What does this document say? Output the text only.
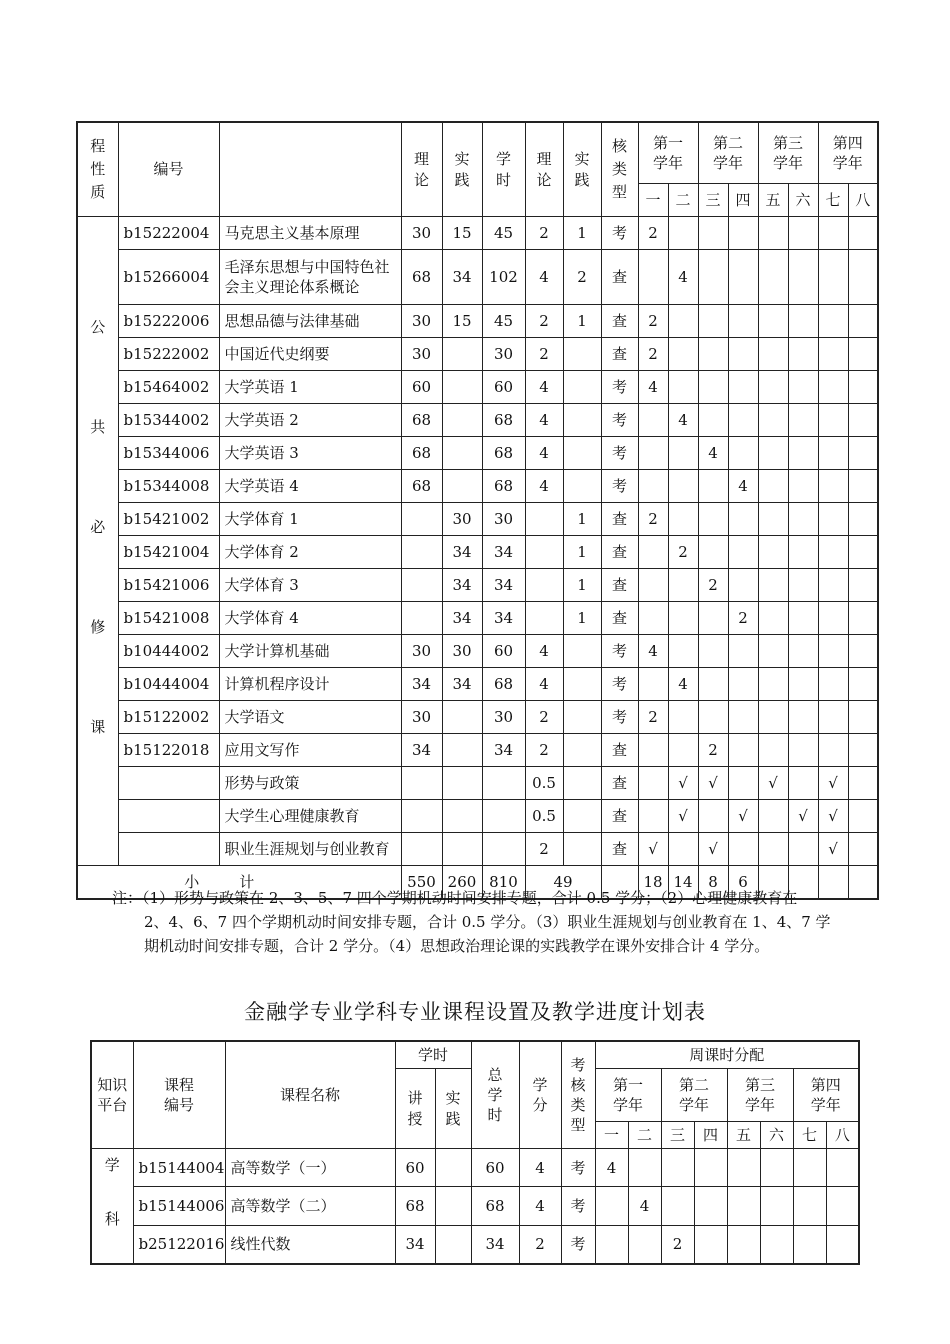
程性质	编号		理论	实践	学时	理论	实践	核类型	第一学年		第二学年		第三学年		第四学年	
									一	二	三	四	五	六	七	八

公
共
必
修
课	b15222004	马克思主义基本原理	30	15	45	2	1	考	2							
	b15266004	毛泽东思想与中国特色社会主义理论体系概论	68	34	102	4	2	查		4						
	b15222006	思想品德与法律基础	30	15	45	2	1	查	2							
	b15222002	中国近代史纲要	30		30	2		查	2							
	b15464002	大学英语 1	60		60	4		考	4							
	b15344002	大学英语 2	68		68	4		考		4						
	b15344006	大学英语 3	68		68	4		考			4					
	b15344008	大学英语 4	68		68	4		考				4				
	b15421002	大学体育 1		30	30		1	查	2							
	b15421004	大学体育 2		34	34		1	查		2						
	b15421006	大学体育 3		34	34		1	查			2					
	b15421008	大学体育 4		34	34		1	查				2				
	b10444002	大学计算机基础	30	30	60	4		考	4							
	b10444004	计算机程序设计	34	34	68	4		考		4						
	b15122002	大学语文	30		30	2		考	2							
	b15122018	应用文写作	34		34	2		查			2					
		形势与政策				0.5		查		√	√		√		√	
		大学生心理健康教育				0.5		查		√		√		√	√	
		职业生涯规划与创业教育				2		查	√		√				√	
小计			550	260	810	49			18	14	8	6				
注：（1）形势与政策在 2、3、5、7 四个学期机动时间安排专题，合计 0.5 学分；（2）心理健康教育在
2、4、6、7 四个学期机动时间安排专题，合计 0.5 学分。（3）职业生涯规划与创业教育在 1、4、7 学
期机动时间安排专题，合计 2 学分。（4）思想政治理论课的实践教学在课外安排合计 4 学分。
金融学专业学科专业课程设置及教学进度计划表
知识平台	课程编号	课程名称	学时		总学时	学分	考核类型	周课时分配							
			讲授	实践				第一学年		第二学年		第三学年		第四学年	
								一	二	三	四	五	六	七	八

学
科	b15144004	高等数学（一）	60		60	4	考	4							
	b15144006	高等数学（二）	68		68	4	考		4						
	b25122016	线性代数	34		34	2	考			2					
